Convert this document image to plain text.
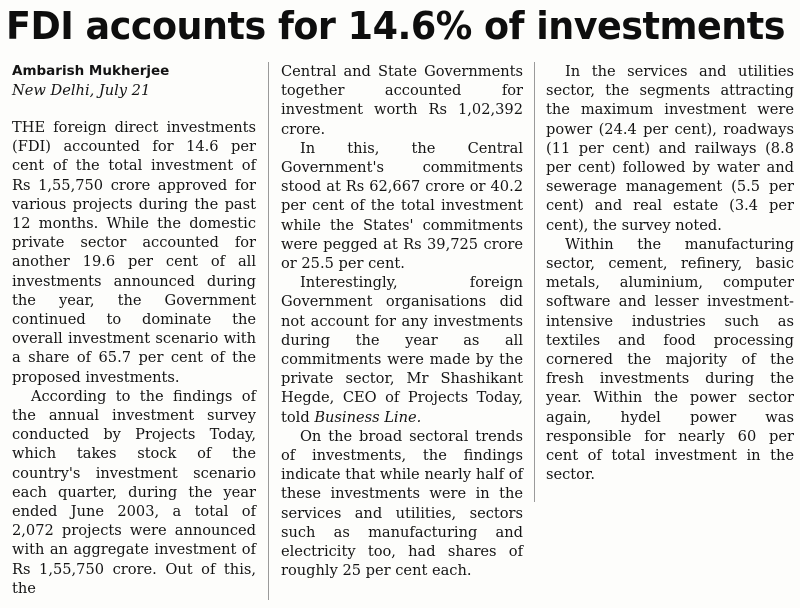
FDI accounts for 14.6% of investments

Ambarish Mukherjee

New Delhi, July 21

THE foreign direct investments (FDI) accounted for 14.6 per cent of the total investment of Rs 1,55,750 crore approved for various projects during the past 12 months. While the domestic private sector accounted for another 19.6 per cent of all investments announced during the year, the Government continued to dominate the overall investment scenario with a share of 65.7 per cent of the proposed investments.

According to the findings of the annual investment survey conducted by Projects Today, which takes stock of the country's investment scenario each quarter, during the year ended June 2003, a total of 2,072 projects were announced with an aggregate investment of Rs 1,55,750 crore. Out of this, the

Central and State Governments together accounted for investment worth Rs 1,02,392 crore.

In this, the Central Government's commitments stood at Rs 62,667 crore or 40.2 per cent of the total investment while the States' commitments were pegged at Rs 39,725 crore or 25.5 per cent.

Interestingly, foreign Government organisations did not account for any investments during the year as all commitments were made by the private sector, Mr Shashikant Hegde, CEO of Projects Today, told Business Line.

On the broad sectoral trends of investments, the findings indicate that while nearly half of these investments were in the services and utilities, sectors such as manufacturing and electricity too, had shares of roughly 25 per cent each.

In the services and utilities sector, the segments attracting the maximum investment were power (24.4 per cent), roadways (11 per cent) and railways (8.8 per cent) followed by water and sewerage management (5.5 per cent) and real estate (3.4 per cent), the survey noted.

Within the manufacturing sector, cement, refinery, basic metals, aluminium, computer software and lesser investment-intensive industries such as textiles and food processing cornered the majority of the fresh investments during the year. Within the power sector again, hydel power was responsible for nearly 60 per cent of total investment in the sector.
